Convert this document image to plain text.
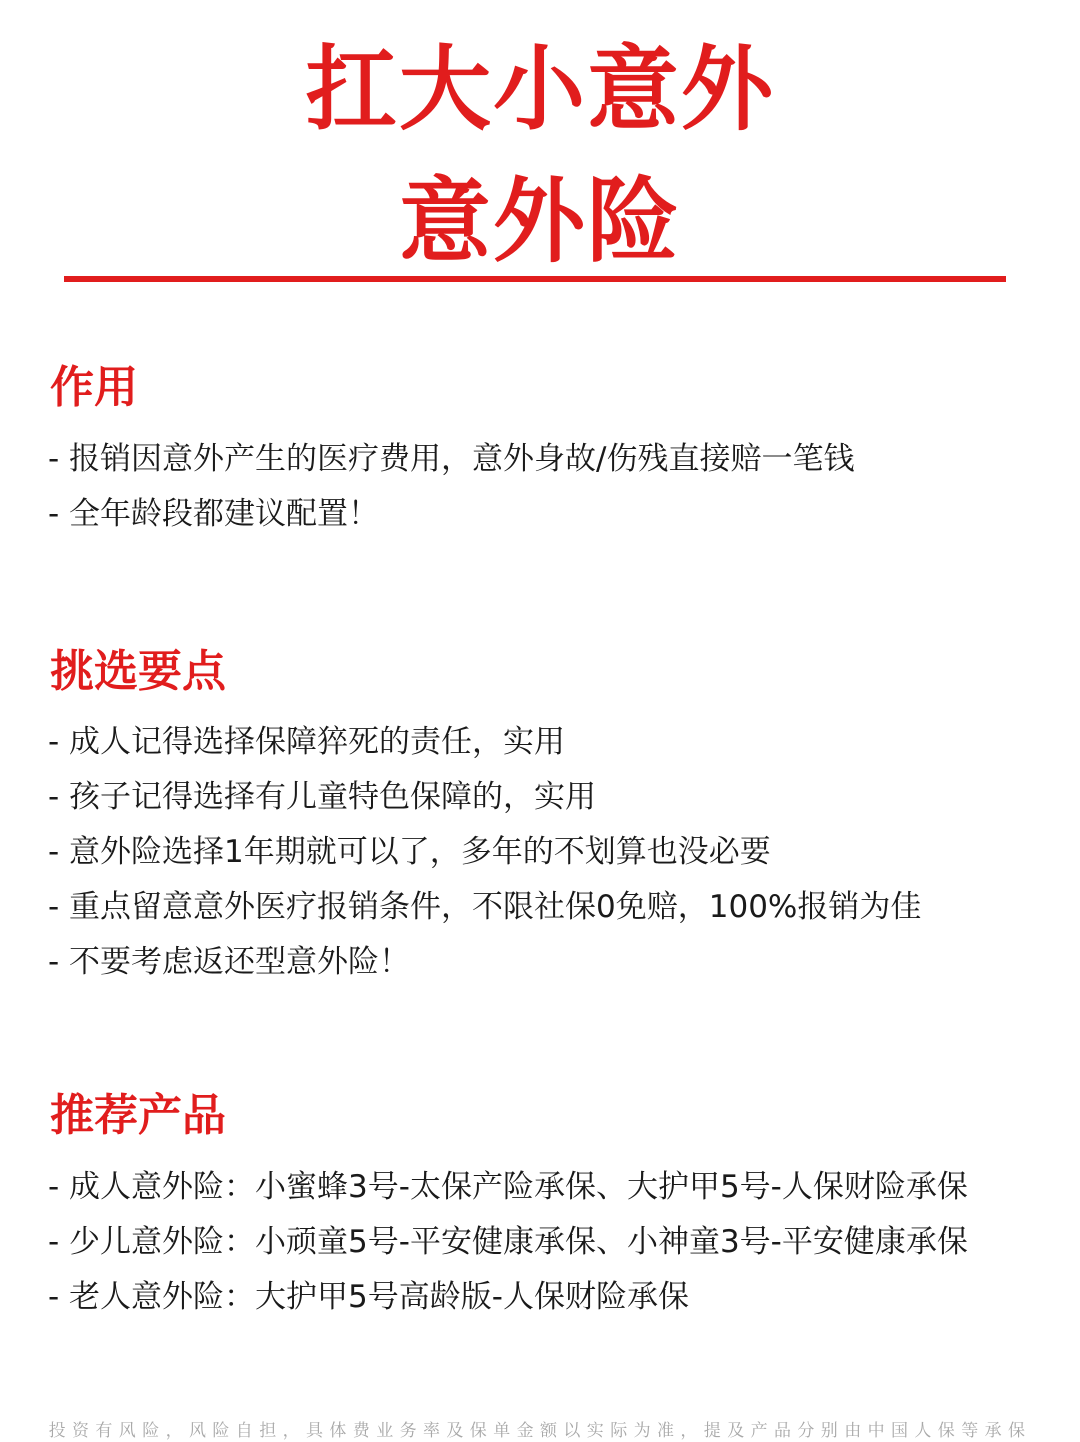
扛大小意外
意外险
作用
- 报销因意外产生的医疗费用，意外身故/伤残直接赔一笔钱
- 全年龄段都建议配置！
挑选要点
- 成人记得选择保障猝死的责任，实用
- 孩子记得选择有儿童特色保障的，实用
- 意外险选择1年期就可以了，多年的不划算也没必要
- 重点留意意外医疗报销条件，不限社保0免赔，100%报销为佳
- 不要考虑返还型意外险！
推荐产品
- 成人意外险：小蜜蜂3号-太保产险承保、大护甲5号-人保财险承保
- 少儿意外险：小顽童5号-平安健康承保、小神童3号-平安健康承保
- 老人意外险：大护甲5号高龄版-人保财险承保
投资有风险，风险自担，具体费业务率及保单金额以实际为准，提及产品分别由中国人保等承保
